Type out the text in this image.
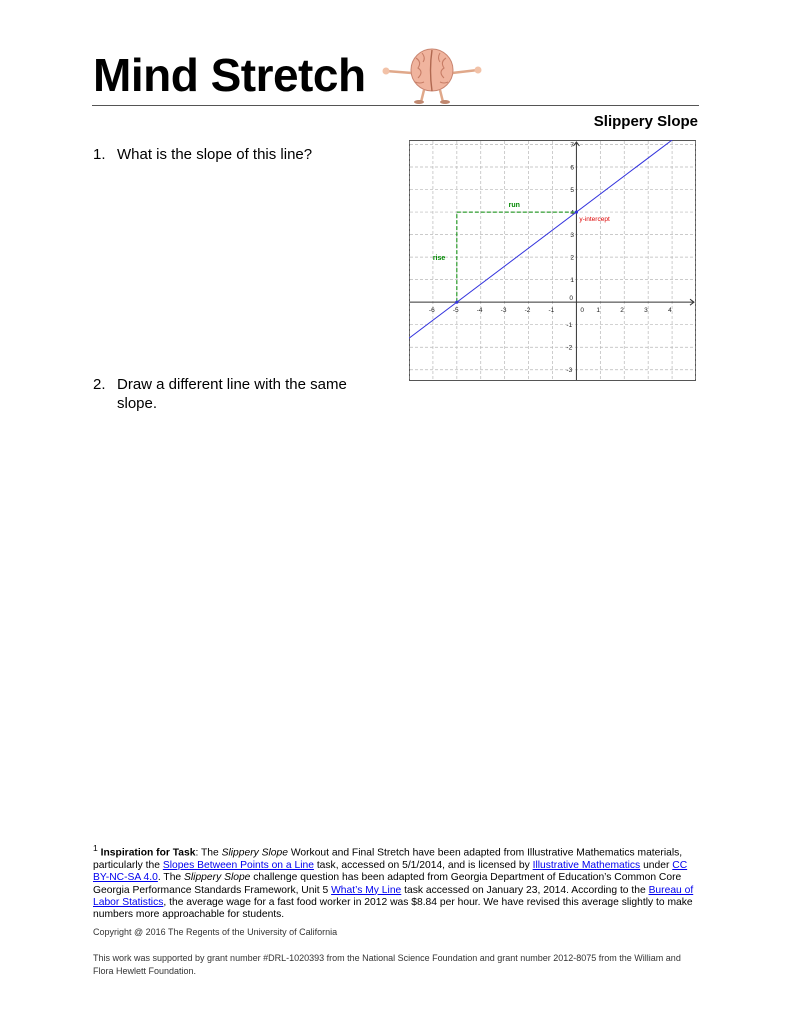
Mind Stretch
Slippery Slope
1. What is the slope of this line?
2. Draw a different line with the same
slope.
-6	-5	-4	-3	-2	-1	0 1	2	3	4
7
6
5
4
3
2
1
0
-1
-2
-3
run
rise
y-intercept
$^1$ Inspiration for Task: The Slippery Slope Workout and Final Stretch have been adapted from Illustrative Mathematics materials, particularly the Slopes Between Points on a Line task, accessed on 5/1/2014, and is licensed by Illustrative Mathematics under CC BY-NC-SA 4.0. The Slippery Slope challenge question has been adapted from Georgia Department of Education’s Common Core Georgia Performance Standards Framework, Unit 5 What’s My Line task accessed on January 23, 2014. According to the Bureau of Labor Statistics, the average wage for a fast food worker in 2012 was $8.84 per hour. We have revised this average slightly to make numbers more approachable for students.
Copyright @ 2016 The Regents of the University of California
This work was supported by grant number #DRL-1020393 from the National Science Foundation and grant number 2012-8075 from the William and Flora Hewlett Foundation.
